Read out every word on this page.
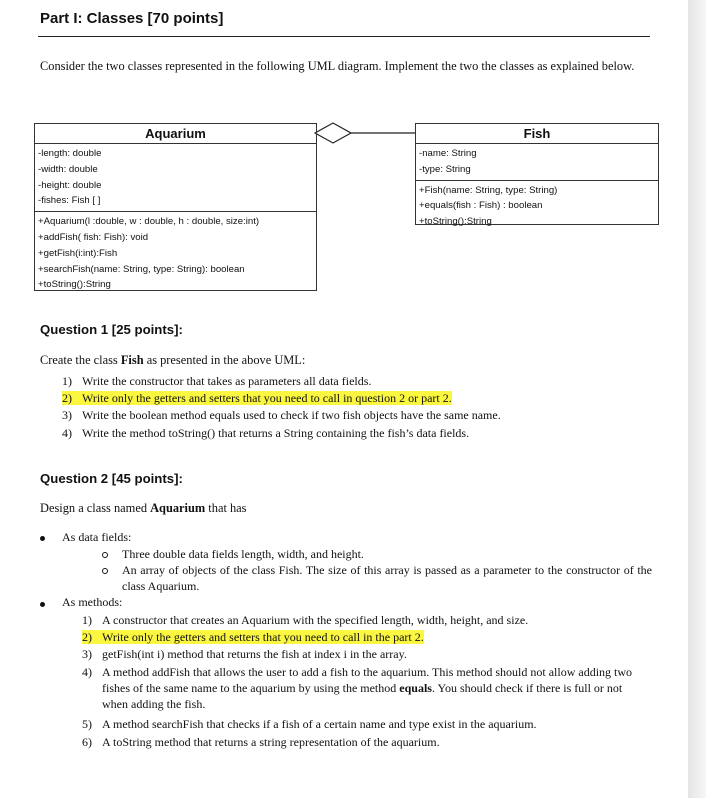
Part I: Classes [70 points]
Consider the two classes represented in the following UML diagram. Implement the two the classes as explained below.
Aquarium
-length: double
-width: double
-height: double
-fishes: Fish [ ]
+Aquarium(l :double, w : double, h : double, size:int)
+addFish( fish: Fish): void
+getFish(i:int):Fish
+searchFish(name: String, type: String): boolean
+toString():String
Fish
-name: String
-type: String
+Fish(name: String, type: String)
+equals(fish : Fish) : boolean
+toString():String
Question 1 [25 points]:
Create the class Fish as presented in the above UML:
1) Write the constructor that takes as parameters all data fields.
2) Write only the getters and setters that you need to call in question 2 or part 2.
3) Write the boolean method equals used to check if two fish objects have the same name.
4) Write the method toString() that returns a String containing the fish’s data fields.
Question 2 [45 points]:
Design a class named Aquarium that has
As data fields:
Three double data fields length, width, and height.
An array of objects of the class Fish. The size of this array is passed as a parameter to the constructor of the class Aquarium.
As methods:
1) A constructor that creates an Aquarium with the specified length, width, height, and size.
2) Write only the getters and setters that you need to call in the part 2.
3) getFish(int i) method that returns the fish at index i in the array.
4) A method addFish that allows the user to add a fish to the aquarium. This method should not allow adding two fishes of the same name to the aquarium by using the method equals. You should check if there is full or not when adding the fish.
5) A method searchFish that checks if a fish of a certain name and type exist in the aquarium.
6) A toString method that returns a string representation of the aquarium.
